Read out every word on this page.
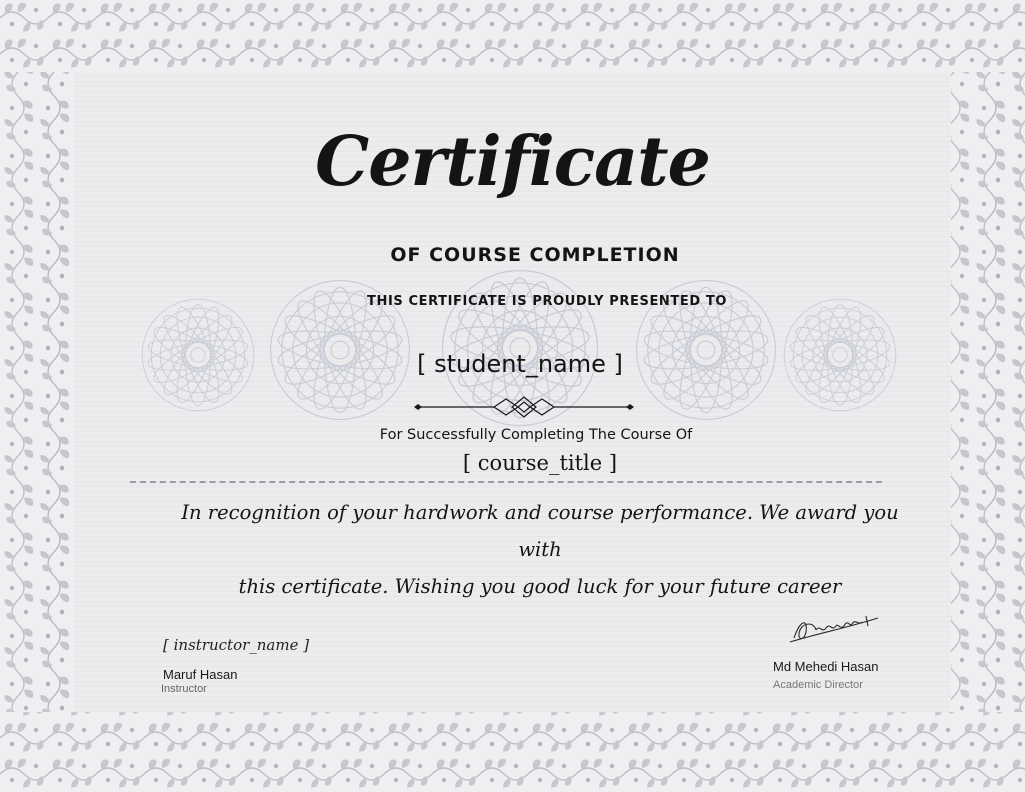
Certificate
OF COURSE COMPLETION
THIS CERTIFICATE IS PROUDLY PRESENTED TO
[ student_name ]
For Successfully Completing The Course Of
[ course_title ]
In recognition of your hardwork and course performance. We award you with
this certificate. Wishing you good luck for your future career
[ instructor_name ]
Maruf Hasan
Instructor
Md Mehedi Hasan
Academic Director
